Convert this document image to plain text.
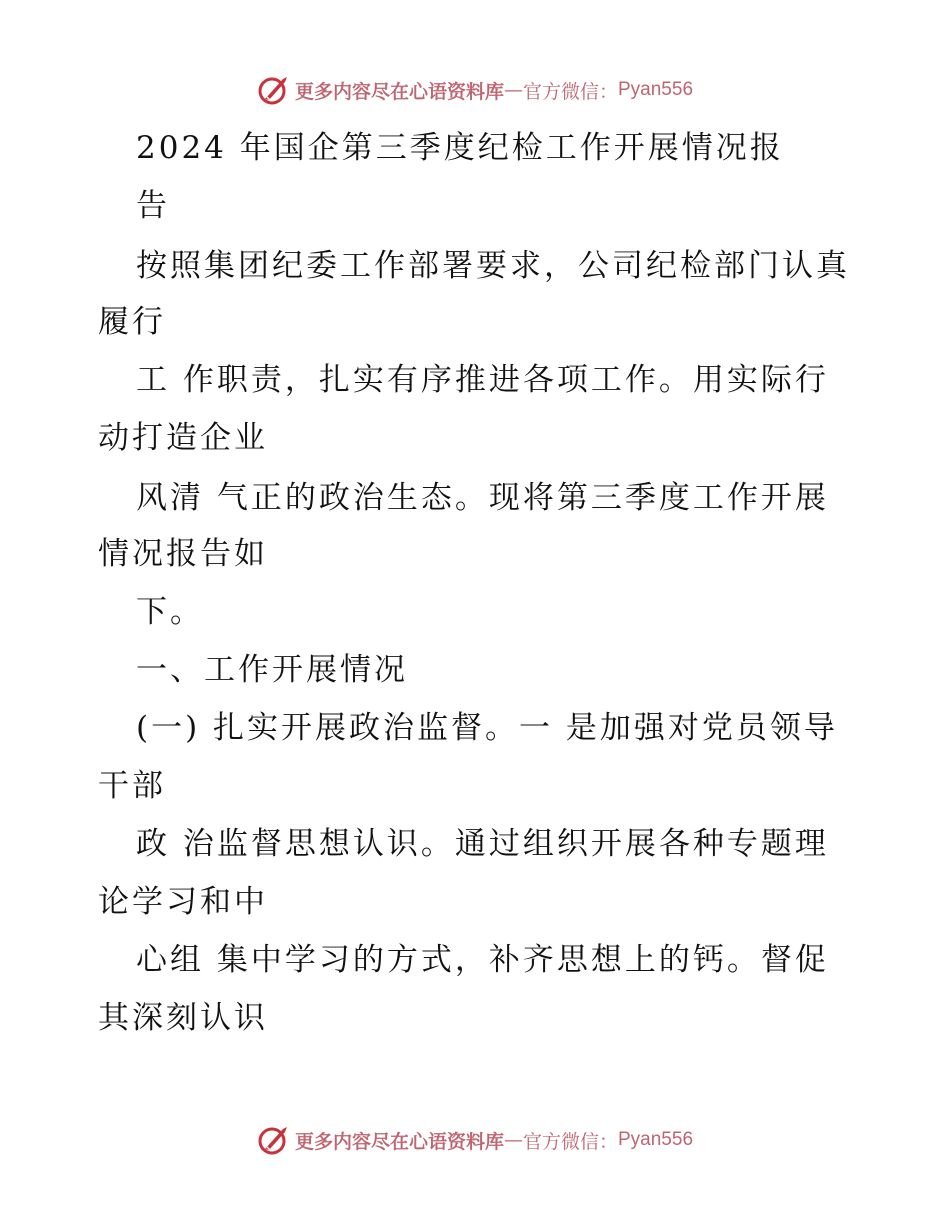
更多内容尽在心语资料库 — 官方微信： Pyan556
2024 年国企第三季度纪检工作开展情况报
告
按照集团纪委工作部署要求，公司纪检部门认真
履行
工 作职责，扎实有序推进各项工作。用实际行
动打造企业
风清 气正的政治生态。现将第三季度工作开展
情况报告如
下。
一、工作开展情况
(一) 扎实开展政治监督。一 是加强对党员领导
干部
政 治监督思想认识。通过组织开展各种专题理
论学习和中
心组 集中学习的方式，补齐思想上的钙。督促
其深刻认识
更多内容尽在心语资料库 — 官方微信： Pyan556
